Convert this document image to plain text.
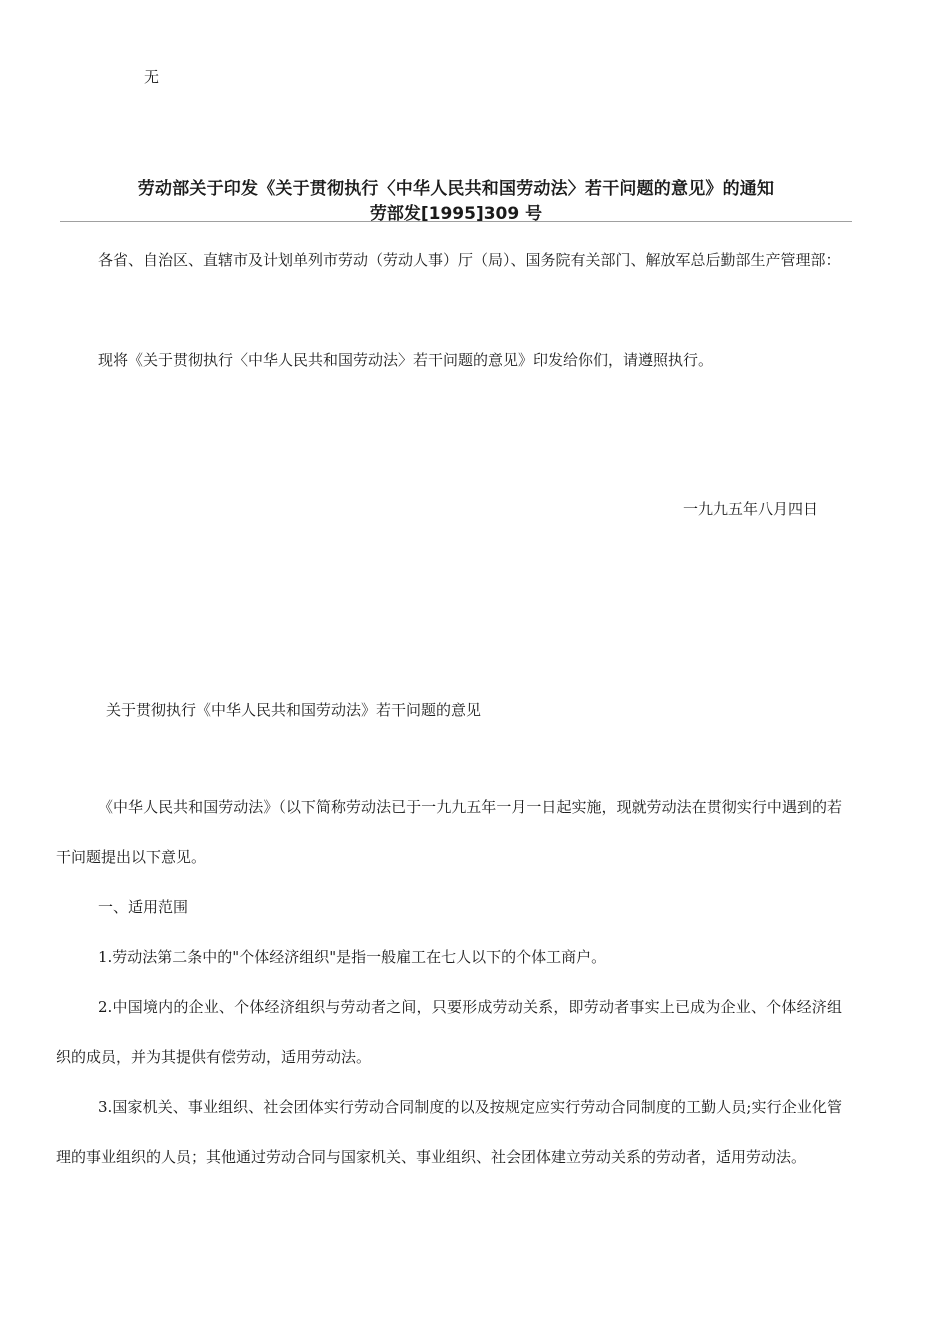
无
劳动部关于印发《关于贯彻执行〈中华人民共和国劳动法〉若干问题的意见》的通知
劳部发[1995]309 号
各省、自治区、直辖市及计划单列市劳动（劳动人事）厅（局）、国务院有关部门、解放军总后勤部生产管理部：
现将《关于贯彻执行〈中华人民共和国劳动法〉若干问题的意见》印发给你们，请遵照执行。
一九九五年八月四日
关于贯彻执行《中华人民共和国劳动法》若干问题的意见
《中华人民共和国劳动法》（以下简称劳动法已于一九九五年一月一日起实施，现就劳动法在贯彻实行中遇到的若干问题提出以下意见。
一、适用范围
1.劳动法第二条中的"个体经济组织"是指一般雇工在七人以下的个体工商户。
2.中国境内的企业、个体经济组织与劳动者之间，只要形成劳动关系，即劳动者事实上已成为企业、个体经济组织的成员，并为其提供有偿劳动，适用劳动法。
3.国家机关、事业组织、社会团体实行劳动合同制度的以及按规定应实行劳动合同制度的工勤人员;实行企业化管理的事业组织的人员；其他通过劳动合同与国家机关、事业组织、社会团体建立劳动关系的劳动者，适用劳动法。
